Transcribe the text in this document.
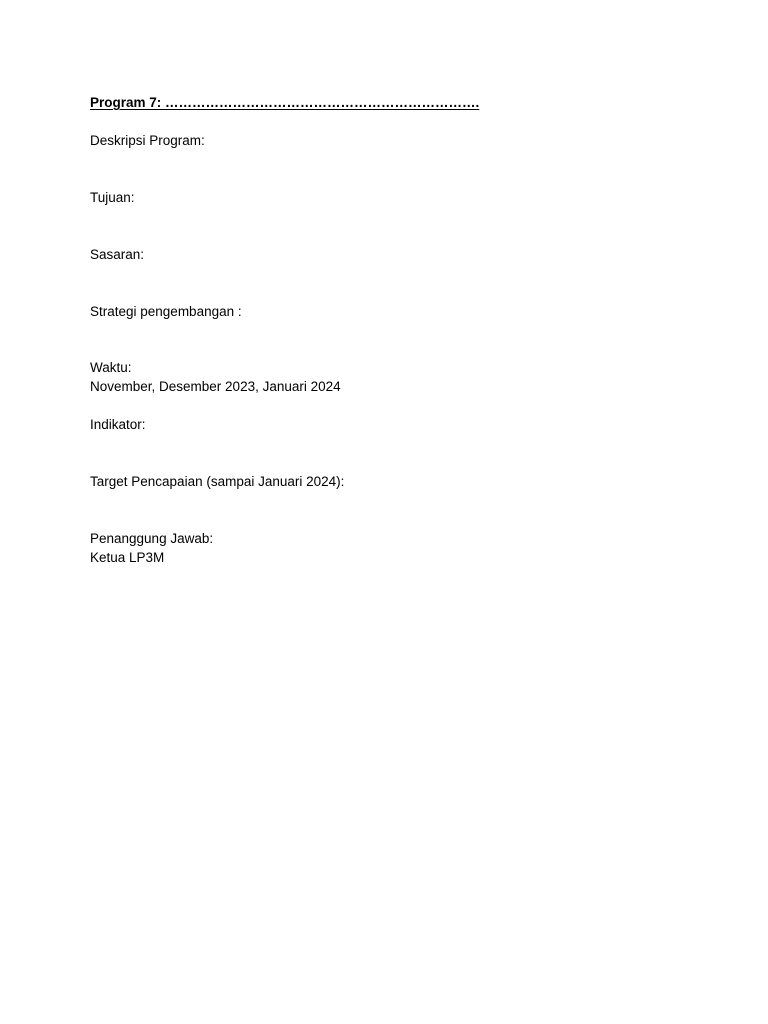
Program 7: …………………………………………………………….

Deskripsi Program:

Tujuan:

Sasaran:

Strategi pengembangan :

Waktu:

November, Desember 2023, Januari 2024

Indikator:

Target Pencapaian (sampai Januari 2024):

Penanggung Jawab:

Ketua LP3M
